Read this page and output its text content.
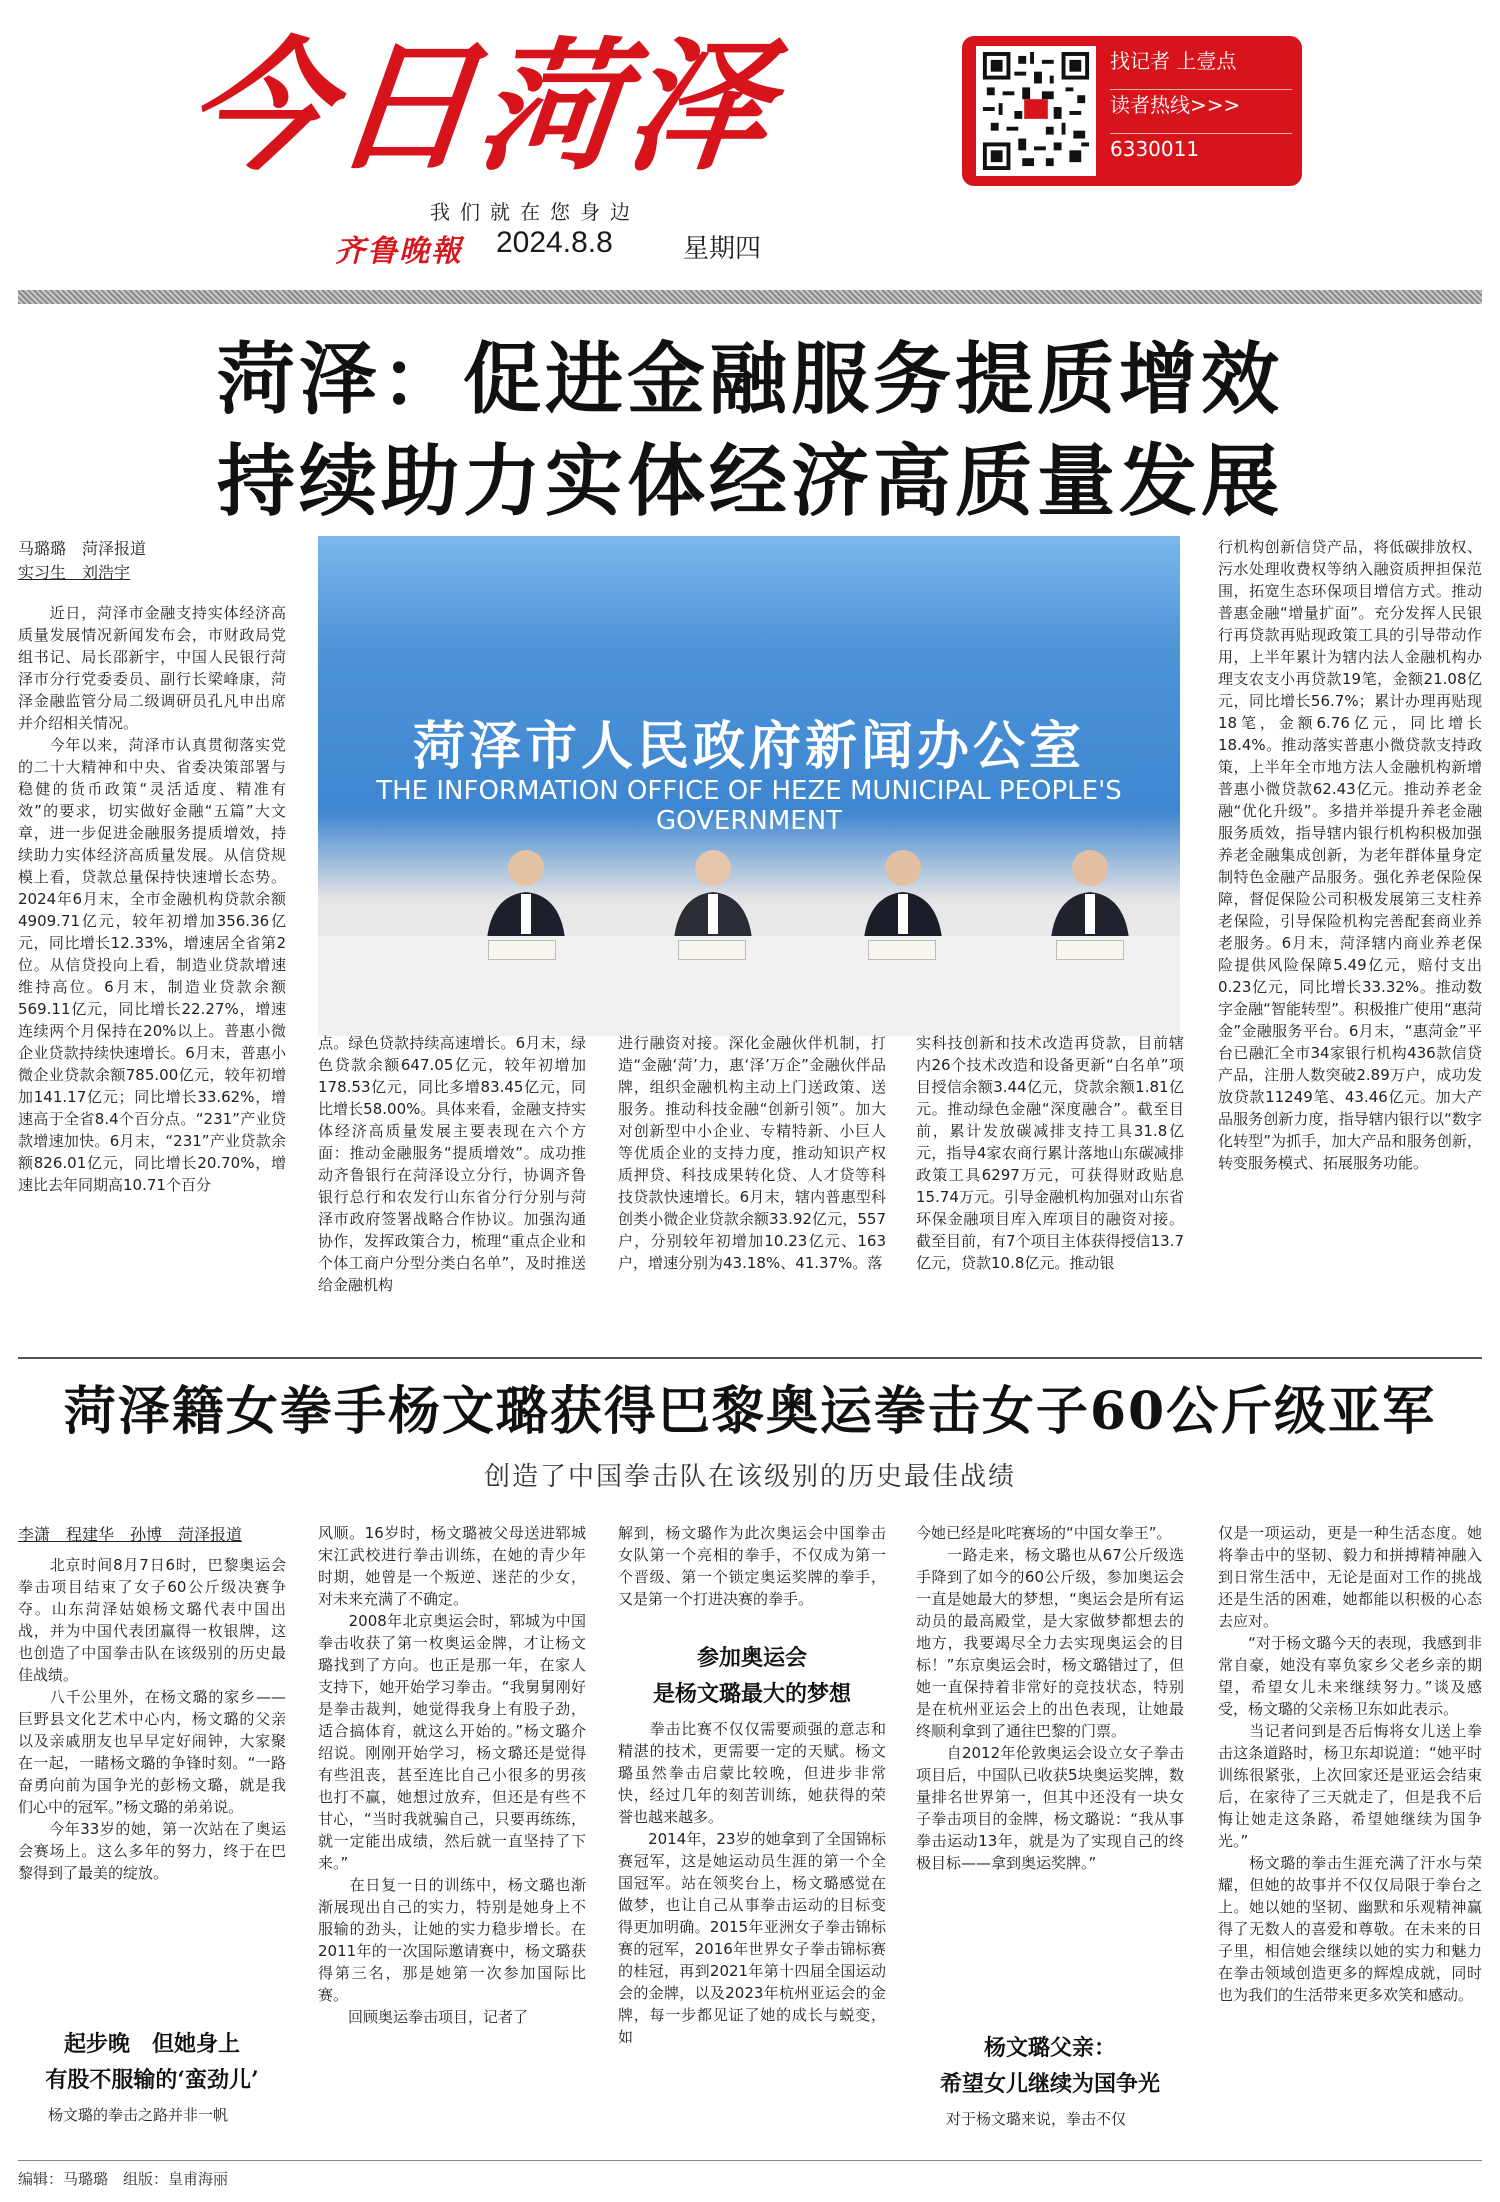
今日菏泽	找记者 上壹点
读者热线>>>
6330011
我们就在您身边
齐鲁晚報 2024.8.8	星期四
菏泽：促进金融服务提质增效
持续助力实体经济高质量发展
马璐璐　菏泽报道
实习生　刘浩宇
　　近日，菏泽市金融支持实体经济高质量发展情况新闻发布会，市财政局党组书记、局长邵新宇，中国人民银行菏泽市分行党委委员、副行长梁峰康，菏泽金融监管分局二级调研员孔凡申出席并介绍相关情况。
　　今年以来，菏泽市认真贯彻落实党的二十大精神和中央、省委决策部署与稳健的货币政策“灵活适度、精准有效”的要求，切实做好金融“五篇”大文章，进一步促进金融服务提质增效，持续助力实体经济高质量发展。从信贷规模上看，贷款总量保持快速增长态势。2024年6月末，全市金融机构贷款余额4909.71亿元，较年初增加356.36亿元，同比增长12.33%，增速居全省第2位。从信贷投向上看，制造业贷款增速维持高位。6月末，制造业贷款余额569.11亿元，同比增长22.27%，增速连续两个月保持在20%以上。普惠小微企业贷款持续快速增长。6月末，普惠小微企业贷款余额785.00亿元，较年初增加141.17亿元；同比增长33.62%，增速高于全省8.4个百分点。“231”产业贷款增速加快。6月末，“231”产业贷款余额826.01亿元，同比增长20.70%，增速比去年同期高10.71个百分
菏泽市人民政府新闻办公室
THE INFORMATION OFFICE OF HEZE MUNICIPAL PEOPLE'S GOVERNMENT
行机构创新信贷产品，将低碳排放权、污水处理收费权等纳入融资质押担保范围，拓宽生态环保项目增信方式。推动普惠金融“增量扩面”。充分发挥人民银行再贷款再贴现政策工具的引导带动作用，上半年累计为辖内法人金融机构办理支农支小再贷款19笔，金额21.08亿元，同比增长56.7%；累计办理再贴现18笔，金额6.76亿元，同比增长18.4%。推动落实普惠小微贷款支持政策，上半年全市地方法人金融机构新增普惠小微贷款62.43亿元。推动养老金融“优化升级”。多措并举提升养老金融服务质效，指导辖内银行机构积极加强养老金融集成创新，为老年群体量身定制特色金融产品服务。强化养老保险保障，督促保险公司积极发展第三支柱养老保险，引导保险机构完善配套商业养老服务。6月末，菏泽辖内商业养老保险提供风险保障5.49亿元，赔付支出0.23亿元，同比增长33.32%。推动数字金融“智能转型”。积极推广使用“惠菏金”金融服务平台。6月末，“惠菏金”平台已融汇全市34家银行机构436款信贷产品，注册人数突破2.89万户，成功发放贷款11249笔、43.46亿元。加大产品服务创新力度，指导辖内银行以“数字化转型”为抓手，加大产品和服务创新，转变服务模式、拓展服务功能。
点。绿色贷款持续高速增长。6月末，绿色贷款余额647.05亿元，较年初增加178.53亿元，同比多增83.45亿元，同比增长58.00%。具体来看，金融支持实体经济高质量发展主要表现在六个方面：推动金融服务“提质增效”。成功推动齐鲁银行在菏泽设立分行，协调齐鲁银行总行和农发行山东省分行分别与菏泽市政府签署战略合作协议。加强沟通协作，发挥政策合力，梳理“重点企业和个体工商户分型分类白名单”，及时推送给金融机构
进行融资对接。深化金融伙伴机制，打造“金融‘菏’力，惠‘泽’万企”金融伙伴品牌，组织金融机构主动上门送政策、送服务。推动科技金融“创新引领”。加大对创新型中小企业、专精特新、小巨人等优质企业的支持力度，推动知识产权质押贷、科技成果转化贷、人才贷等科技贷款快速增长。6月末，辖内普惠型科创类小微企业贷款余额33.92亿元，557户，分别较年初增加10.23亿元、163户，增速分别为43.18%、41.37%。落
实科技创新和技术改造再贷款，目前辖内26个技术改造和设备更新“白名单”项目授信余额3.44亿元，贷款余额1.81亿元。推动绿色金融“深度融合”。截至目前，累计发放碳减排支持工具31.8亿元，指导4家农商行累计落地山东碳减排政策工具6297万元，可获得财政贴息15.74万元。引导金融机构加强对山东省环保金融项目库入库项目的融资对接。截至目前，有7个项目主体获得授信13.7亿元，贷款10.8亿元。推动银
菏泽籍女拳手杨文璐获得巴黎奥运拳击女子60公斤级亚军
创造了中国拳击队在该级别的历史最佳战绩
李潇　程建华　孙博　菏泽报道
　　北京时间8月7日6时，巴黎奥运会拳击项目结束了女子60公斤级决赛争夺。山东菏泽姑娘杨文璐代表中国出战，并为中国代表团赢得一枚银牌，这也创造了中国拳击队在该级别的历史最佳战绩。
　　八千公里外，在杨文璐的家乡——巨野县文化艺术中心内，杨文璐的父亲以及亲戚朋友也早早定好闹钟，大家聚在一起，一睹杨文璐的争锋时刻。“一路奋勇向前为国争光的彭杨文璐，就是我们心中的冠军。”杨文璐的弟弟说。
　　今年33岁的她，第一次站在了奥运会赛场上。这么多年的努力，终于在巴黎得到了最美的绽放。
起步晚　但她身上
有股不服输的‘蛮劲儿’
　　杨文璐的拳击之路并非一帆
风顺。16岁时，杨文璐被父母送进郓城宋江武校进行拳击训练，在她的青少年时期，她曾是一个叛逆、迷茫的少女，对未来充满了不确定。
　　2008年北京奥运会时，郓城为中国拳击收获了第一枚奥运金牌，才让杨文璐找到了方向。也正是那一年，在家人支持下，她开始学习拳击。“我舅舅刚好是拳击裁判，她觉得我身上有股子劲，适合搞体育，就这么开始的。”杨文璐介绍说。刚刚开始学习，杨文璐还是觉得有些沮丧，甚至连比自己小很多的男孩也打不赢，她想过放弃，但还是有些不甘心，“当时我就骗自己，只要再练练，就一定能出成绩，然后就一直坚持了下来。”
　　在日复一日的训练中，杨文璐也渐渐展现出自己的实力，特别是她身上不服输的劲头，让她的实力稳步增长。在2011年的一次国际邀请赛中，杨文璐获得第三名，那是她第一次参加国际比赛。
　　回顾奥运拳击项目，记者了
解到，杨文璐作为此次奥运会中国拳击女队第一个亮相的拳手，不仅成为第一个晋级、第一个锁定奥运奖牌的拳手，又是第一个打进决赛的拳手。
参加奥运会
是杨文璐最大的梦想
　　拳击比赛不仅仅需要顽强的意志和精湛的技术，更需要一定的天赋。杨文璐虽然拳击启蒙比较晚，但进步非常快，经过几年的刻苦训练，她获得的荣誉也越来越多。
　　2014年，23岁的她拿到了全国锦标赛冠军，这是她运动员生涯的第一个全国冠军。站在领奖台上，杨文璐感觉在做梦，也让自己从事拳击运动的目标变得更加明确。2015年亚洲女子拳击锦标赛的冠军，2016年世界女子拳击锦标赛的桂冠，再到2021年第十四届全国运动会的金牌，以及2023年杭州亚运会的金牌，每一步都见证了她的成长与蜕变，如
今她已经是叱咤赛场的“中国女拳王”。
　　一路走来，杨文璐也从67公斤级选手降到了如今的60公斤级，参加奥运会一直是她最大的梦想，“奥运会是所有运动员的最高殿堂，是大家做梦都想去的地方，我要竭尽全力去实现奥运会的目标！”东京奥运会时，杨文璐错过了，但她一直保持着非常好的竞技状态，特别是在杭州亚运会上的出色表现，让她最终顺利拿到了通往巴黎的门票。
　　自2012年伦敦奥运会设立女子拳击项目后，中国队已收获5块奥运奖牌，数量排名世界第一，但其中还没有一块女子拳击项目的金牌，杨文璐说：“我从事拳击运动13年，就是为了实现自己的终极目标——拿到奥运奖牌。”
杨文璐父亲：
希望女儿继续为国争光
　　对于杨文璐来说，拳击不仅
仅是一项运动，更是一种生活态度。她将拳击中的坚韧、毅力和拼搏精神融入到日常生活中，无论是面对工作的挑战还是生活的困难，她都能以积极的心态去应对。
　　“对于杨文璐今天的表现，我感到非常自豪，她没有辜负家乡父老乡亲的期望，希望女儿未来继续努力。”谈及感受，杨文璐的父亲杨卫东如此表示。
　　当记者问到是否后悔将女儿送上拳击这条道路时，杨卫东却说道：“她平时训练很紧张，上次回家还是亚运会结束后，在家待了三天就走了，但是我不后悔让她走这条路，希望她继续为国争光。”
　　杨文璐的拳击生涯充满了汗水与荣耀，但她的故事并不仅仅局限于拳台之上。她以她的坚韧、幽默和乐观精神赢得了无数人的喜爱和尊敬。在未来的日子里，相信她会继续以她的实力和魅力在拳击领域创造更多的辉煌成就，同时也为我们的生活带来更多欢笑和感动。
编辑：马璐璐　组版：皇甫海丽
